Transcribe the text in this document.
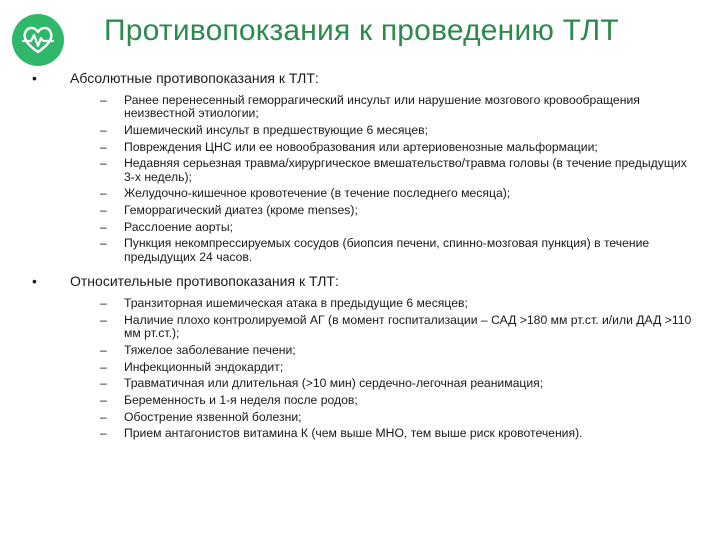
Противопокзания к проведению ТЛТ
•	Абсолютные противопоказания к ТЛТ:
–	Ранее перенесенный геморрагический инсульт или нарушение мозгового кровообращения неизвестной этиологии;
–	Ишемический инсульт в предшествующие 6 месяцев;
–	Повреждения ЦНС или ее новообразования или артериовенозные мальформации;
–	Недавняя серьезная травма/хирургическое вмешательство/травма головы (в течение предыдущих 3-х недель);
–	Желудочно-кишечное кровотечение (в течение последнего месяца);
–	Геморрагический диатез (кроме menses);
–	Расслоение аорты;
–	Пункция некомпрессируемых сосудов (биопсия печени, спинно-мозговая пункция) в течение предыдущих 24 часов.
•	Относительные противопоказания к ТЛТ:
–	Транзиторная ишемическая атака в предыдущие 6 месяцев;
–	Наличие плохо контролируемой АГ (в момент госпитализации – САД >180 мм рт.ст. и/или ДАД >110 мм рт.ст.);
–	Тяжелое заболевание печени;
–	Инфекционный эндокардит;
–	Травматичная или длительная (>10 мин) сердечно-легочная реанимация;
–	Беременность и 1-я неделя после родов;
–	Обострение язвенной болезни;
–	Прием антагонистов витамина К (чем выше МНО, тем выше риск кровотечения).
